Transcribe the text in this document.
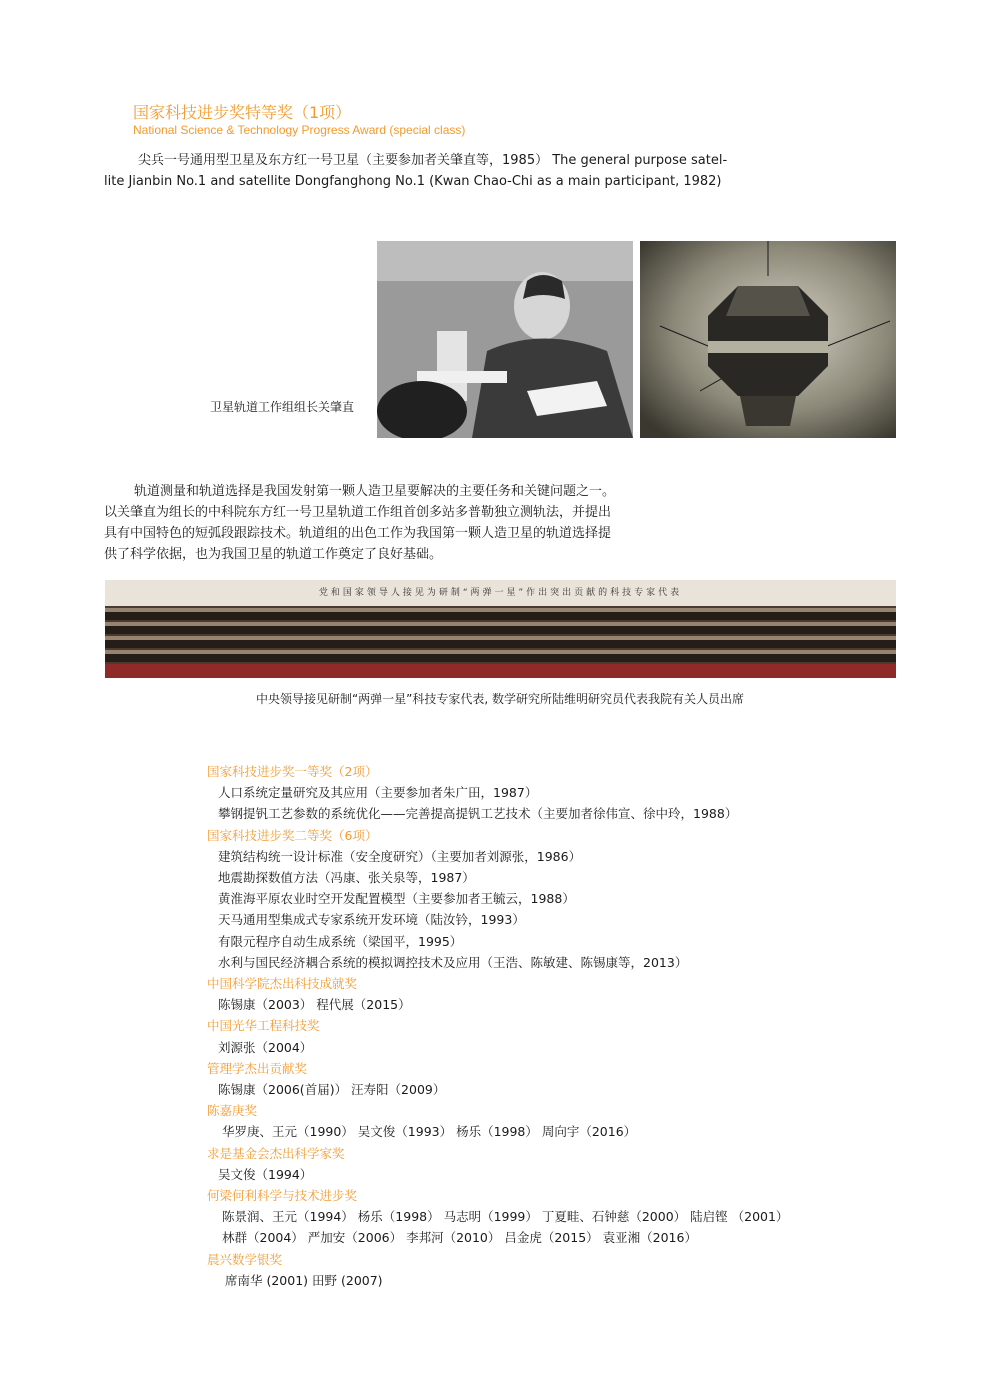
国家科技进步奖特等奖（1项）
National Science & Technology Progress Award (special class)
尖兵一号通用型卫星及东方红一号卫星（主要参加者关肇直等，1985） The general purpose satel-
lite Jianbin No.1 and satellite Dongfanghong No.1 (Kwan Chao-Chi as a main participant, 1982)
卫星轨道工作组组长关肇直
轨道测量和轨道选择是我国发射第一颗人造卫星要解决的主要任务和关键问题之一。
以关肇直为组长的中科院东方红一号卫星轨道工作组首创多站多普勒独立测轨法，并提出
具有中国特色的短弧段跟踪技术。轨道组的出色工作为我国第一颗人造卫星的轨道选择提
供了科学依据，也为我国卫星的轨道工作奠定了良好基础。
党和国家领导人接见为研制“两弹一星”作出突出贡献的科技专家代表
中央领导接见研制“两弹一星”科技专家代表, 数学研究所陆维明研究员代表我院有关人员出席
国家科技进步奖一等奖（2项）
人口系统定量研究及其应用（主要参加者朱广田，1987）
攀钢提钒工艺参数的系统优化——完善提高提钒工艺技术（主要加者徐伟宣、徐中玲，1988）
国家科技进步奖二等奖（6项）
建筑结构统一设计标准（安全度研究）（主要加者刘源张，1986）
地震勘探数值方法（冯康、张关泉等，1987）
黄淮海平原农业时空开发配置模型（主要参加者王毓云，1988）
天马通用型集成式专家系统开发环境（陆汝钤，1993）
有限元程序自动生成系统（梁国平，1995）
水利与国民经济耦合系统的模拟调控技术及应用（王浩、陈敏建、陈锡康等，2013）
中国科学院杰出科技成就奖
陈锡康（2003） 程代展（2015）
中国光华工程科技奖
刘源张（2004）
管理学杰出贡献奖
陈锡康（2006(首届)） 汪寿阳（2009）
陈嘉庚奖
华罗庚、王元（1990） 吴文俊（1993） 杨乐（1998） 周向宇（2016）
求是基金会杰出科学家奖
吴文俊（1994）
何梁何利科学与技术进步奖
陈景润、王元（1994） 杨乐（1998） 马志明（1999） 丁夏畦、石钟慈（2000） 陆启铿 （2001）
林群（2004） 严加安（2006） 李邦河（2010） 吕金虎（2015） 袁亚湘（2016）
晨兴数学银奖
席南华 (2001) 田野 (2007)
